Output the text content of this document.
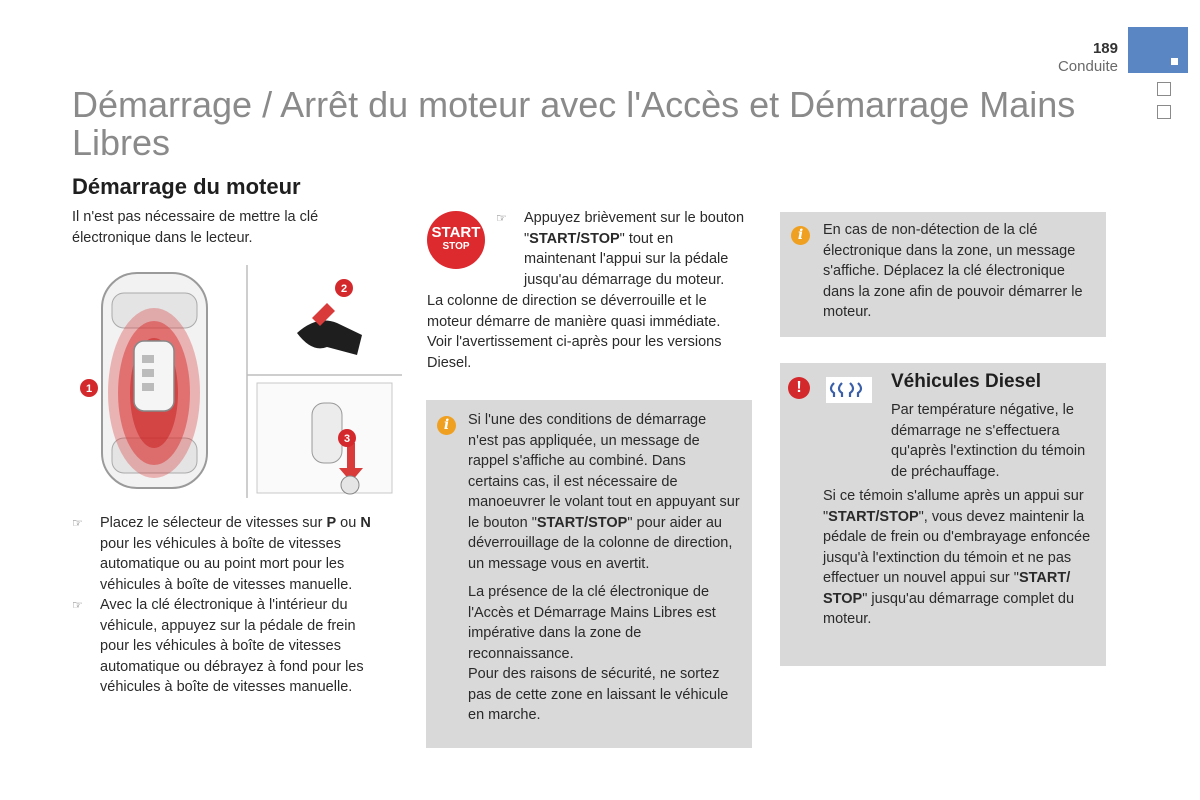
189
Conduite
Démarrage / Arrêt du moteur avec l'Accès et Démarrage Mains Libres
Démarrage du moteur
Il n'est pas nécessaire de mettre la clé électronique dans le lecteur.
1
2
3
☞ Placez le sélecteur de vitesses sur P ou N pour les véhicules à boîte de vitesses automatique ou au point mort pour les véhicules à boîte de vitesses manuelle.
☞ Avec la clé électronique à l'intérieur du véhicule, appuyez sur la pédale de frein pour les véhicules à boîte de vitesses automatique ou débrayez à fond pour les véhicules à boîte de vitesses manuelle.
START
STOP
☞ Appuyez brièvement sur le bouton "START/STOP" tout en maintenant l'appui sur la pédale jusqu'au démarrage du moteur.
La colonne de direction se déverrouille et le moteur démarre de manière quasi immédiate. Voir l'avertissement ci-après pour les versions Diesel.
i	Si l'une des conditions de démarrage n'est pas appliquée, un message de rappel s'affiche au combiné. Dans certains cas, il est nécessaire de manoeuvrer le volant tout en appuyant sur le bouton "START/STOP" pour aider au déverrouillage de la colonne de direction, un message vous en avertit.
La présence de la clé électronique de l'Accès et Démarrage Mains Libres est impérative dans la zone de reconnaissance.
Pour des raisons de sécurité, ne sortez pas de cette zone en laissant le véhicule en marche.
i	En cas de non-détection de la clé électronique dans la zone, un message s'affiche. Déplacez la clé électronique dans la zone afin de pouvoir démarrer le moteur.
!	Véhicules Diesel
Par température négative, le démarrage ne s'effectuera qu'après l'extinction du témoin de préchauffage.
Si ce témoin s'allume après un appui sur "START/STOP", vous devez maintenir la pédale de frein ou d'embrayage enfoncée jusqu'à l'extinction du témoin et ne pas effectuer un nouvel appui sur "START/ STOP" jusqu'au démarrage complet du moteur.
